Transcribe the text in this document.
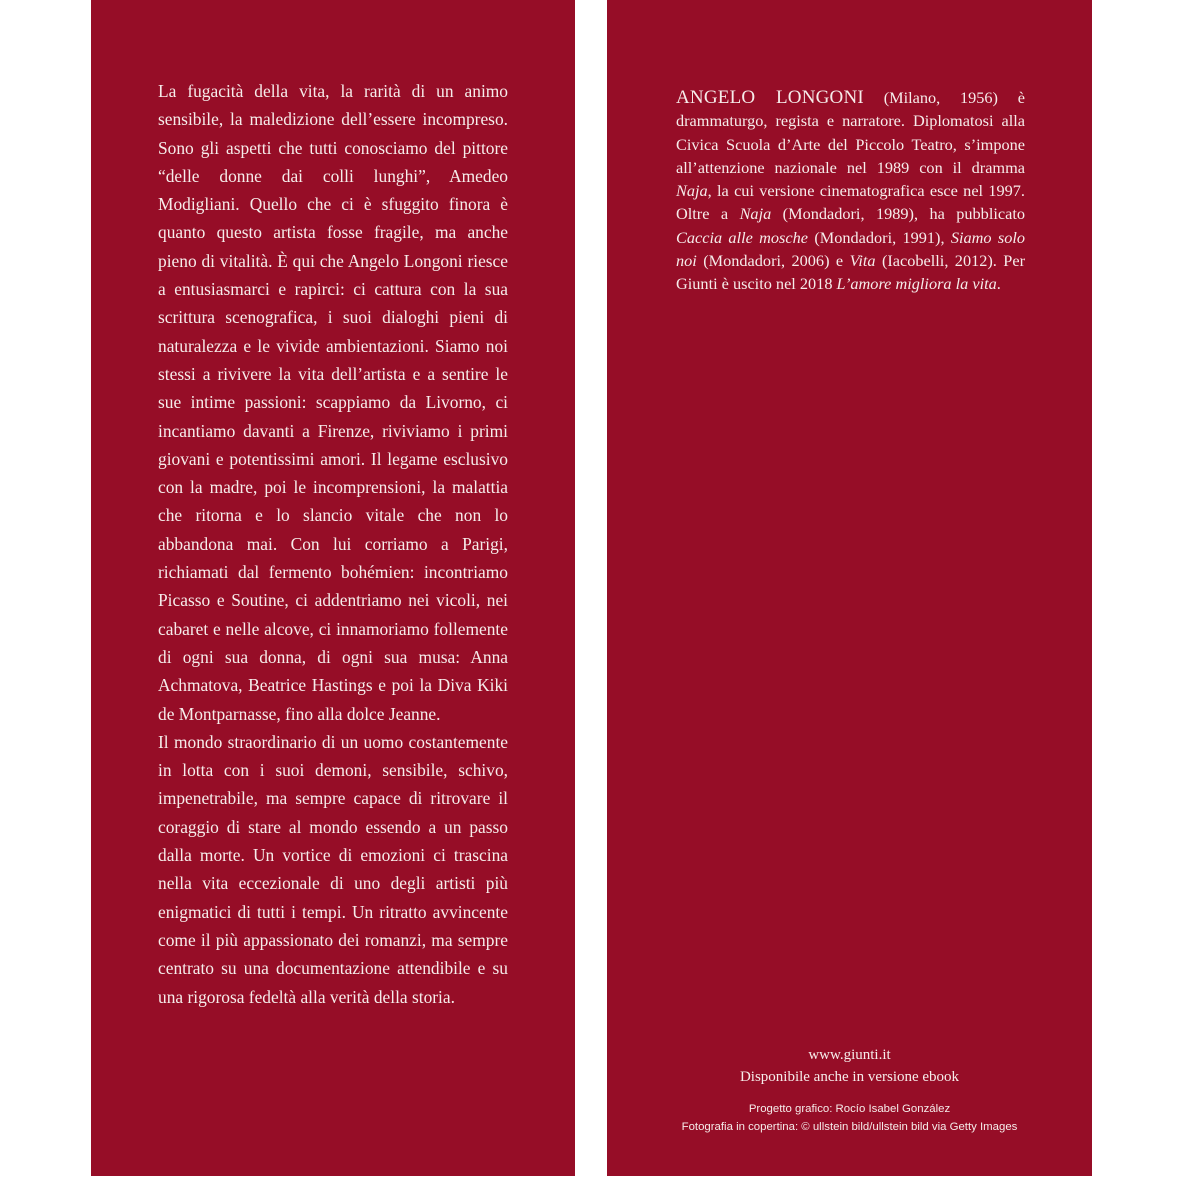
La fugacità della vita, la rarità di un animo sensibile, la maledizione dell’essere incompreso. Sono gli aspetti che tutti conosciamo del pittore “delle donne dai colli lunghi”, Amedeo Modigliani. Quello che ci è sfuggito finora è quanto questo artista fosse fragile, ma anche pieno di vitalità. È qui che Angelo Longoni riesce a entusiasmarci e rapirci: ci cattura con la sua scrittura scenografica, i suoi dialoghi pieni di naturalezza e le vivide ambientazioni. Siamo noi stessi a rivivere la vita dell’artista e a sentire le sue intime passioni: scappiamo da Livorno, ci incantiamo davanti a Firenze, riviviamo i primi giovani e potentissimi amori. Il legame esclusivo con la madre, poi le incomprensioni, la malattia che ritorna e lo slancio vitale che non lo abbandona mai. Con lui corriamo a Parigi, richiamati dal fermento bohémien: incontriamo Picasso e Soutine, ci addentriamo nei vicoli, nei cabaret e nelle alcove, ci innamoriamo follemente di ogni sua donna, di ogni sua musa: Anna Achmatova, Beatrice Hastings e poi la Diva Kiki de Montparnasse, fino alla dolce Jeanne.

Il mondo straordinario di un uomo costantemente in lotta con i suoi demoni, sensibile, schivo, impenetrabile, ma sempre capace di ritrovare il coraggio di stare al mondo essendo a un passo dalla morte. Un vortice di emozioni ci trascina nella vita eccezionale di uno degli artisti più enigmatici di tutti i tempi. Un ritratto avvincente come il più appassionato dei romanzi, ma sempre centrato su una documentazione attendibile e su una rigorosa fedeltà alla verità della storia.

ANGELO LONGONI (Milano, 1956) è drammaturgo, regista e narratore. Diplomatosi alla Civica Scuola d’Arte del Piccolo Teatro, s’impone all’attenzione nazionale nel 1989 con il dramma Naja, la cui versione cinematografica esce nel 1997. Oltre a Naja (Mondadori, 1989), ha pubblicato Caccia alle mosche (Mondadori, 1991), Siamo solo noi (Mondadori, 2006) e Vita (Iacobelli, 2012). Per Giunti è uscito nel 2018 L’amore migliora la vita.

www.giunti.it

Disponibile anche in versione ebook

Progetto grafico: Rocío Isabel González

Fotografia in copertina: © ullstein bild/ullstein bild via Getty Images
